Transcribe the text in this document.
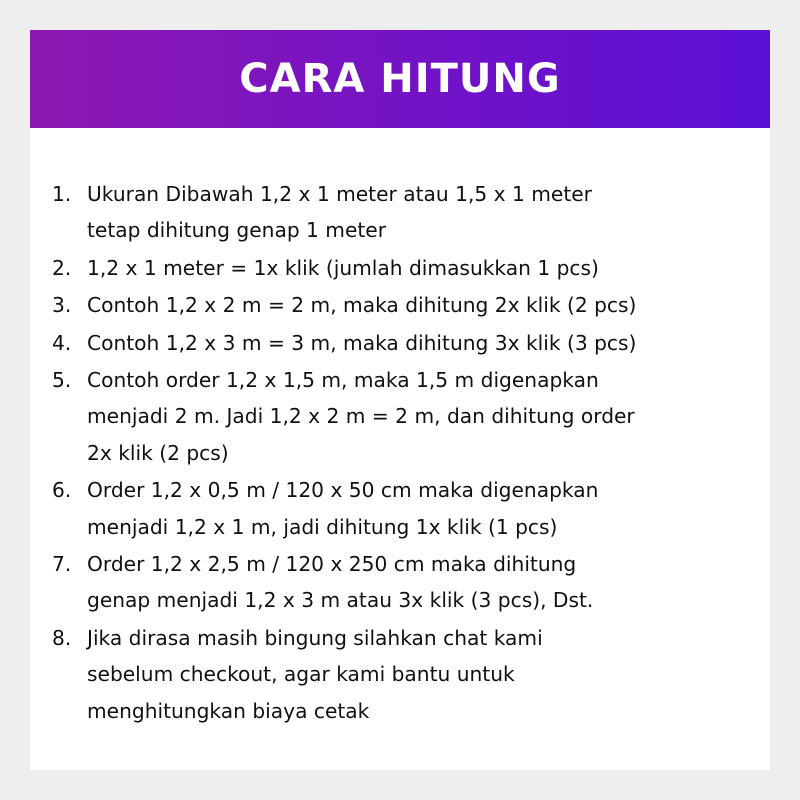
CARA HITUNG
1. Ukuran Dibawah 1,2 x 1 meter atau 1,5 x 1 meter
tetap dihitung genap 1 meter
2. 1,2 x 1 meter = 1x klik (jumlah dimasukkan 1 pcs)
3. Contoh 1,2 x 2 m = 2 m, maka dihitung 2x klik (2 pcs)
4. Contoh 1,2 x 3 m = 3 m, maka dihitung 3x klik (3 pcs)
5. Contoh order 1,2 x 1,5 m, maka 1,5 m digenapkan
menjadi 2 m. Jadi 1,2 x 2 m = 2 m, dan dihitung order
2x klik (2 pcs)
6. Order 1,2 x 0,5 m / 120 x 50 cm maka digenapkan
menjadi 1,2 x 1 m, jadi dihitung 1x klik (1 pcs)
7. Order 1,2 x 2,5 m / 120 x 250 cm maka dihitung
genap menjadi 1,2 x 3 m atau 3x klik (3 pcs), Dst.
8. Jika dirasa masih bingung silahkan chat kami
sebelum checkout, agar kami bantu untuk
menghitungkan biaya cetak
